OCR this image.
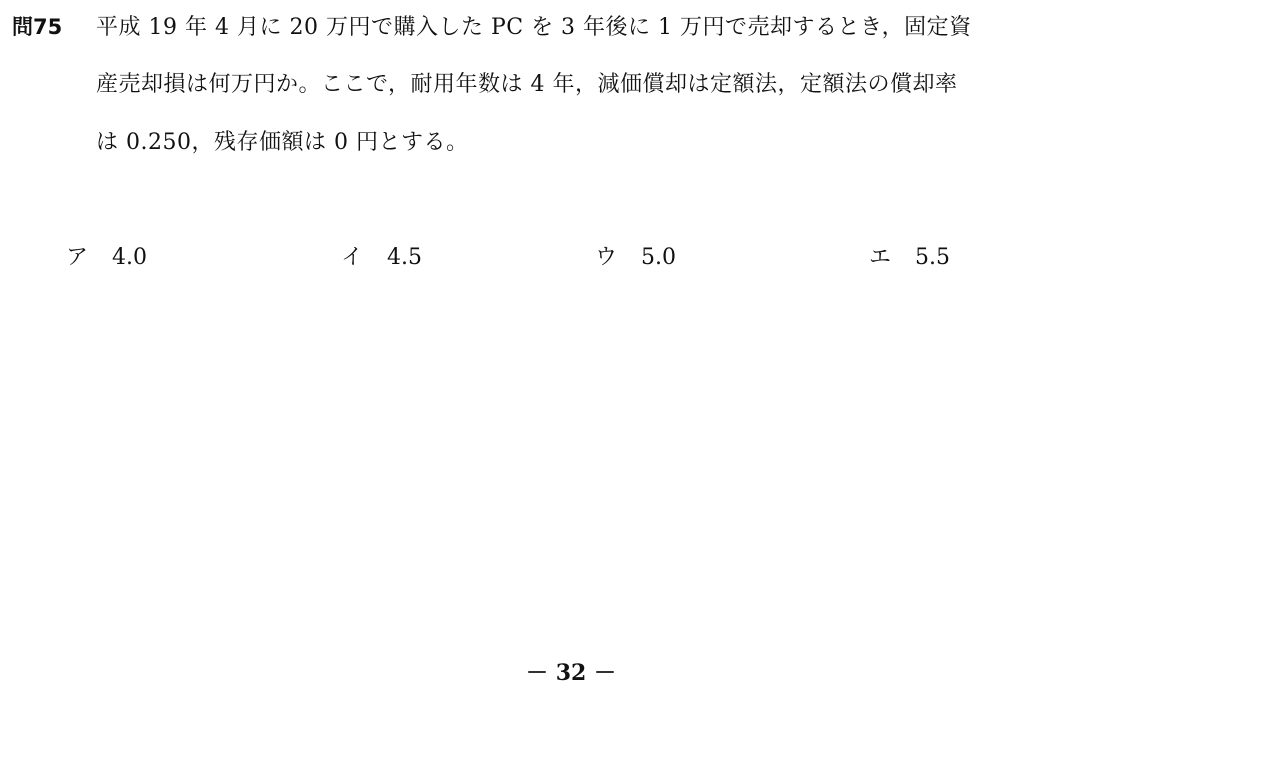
問75 平成 19 年 4 月に 20 万円で購入した PC を 3 年後に 1 万円で売却するとき，固定資
産売却損は何万円か。ここで，耐用年数は 4 年，減価償却は定額法，定額法の償却率
は 0.250，残存価額は 0 円とする。
ア 4.0	イ 4.5	ウ 5.0	エ 5.5
－ 32 －
